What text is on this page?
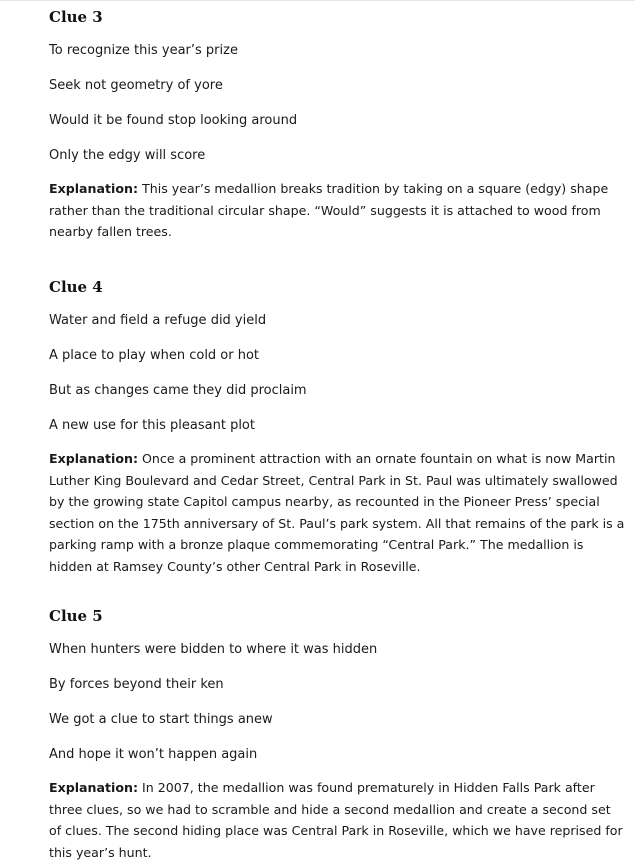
Clue 3

To recognize this year’s prize

Seek not geometry of yore

Would it be found stop looking around

Only the edgy will score

Explanation: This year’s medallion breaks tradition by taking on a square (edgy) shape rather than the traditional circular shape. “Would” suggests it is attached to wood from nearby fallen trees.

Clue 4

Water and field a refuge did yield

A place to play when cold or hot

But as changes came they did proclaim

A new use for this pleasant plot

Explanation: Once a prominent attraction with an ornate fountain on what is now Martin Luther King Boulevard and Cedar Street, Central Park in St. Paul was ultimately swallowed by the growing state Capitol campus nearby, as recounted in the Pioneer Press’ special section on the 175th anniversary of St. Paul’s park system. All that remains of the park is a parking ramp with a bronze plaque commemorating “Central Park.” The medallion is hidden at Ramsey County’s other Central Park in Roseville.

Clue 5

When hunters were bidden to where it was hidden

By forces beyond their ken

We got a clue to start things anew

And hope it won’t happen again

Explanation: In 2007, the medallion was found prematurely in Hidden Falls Park after three clues, so we had to scramble and hide a second medallion and create a second set of clues. The second hiding place was Central Park in Roseville, which we have reprised for this year’s hunt.
